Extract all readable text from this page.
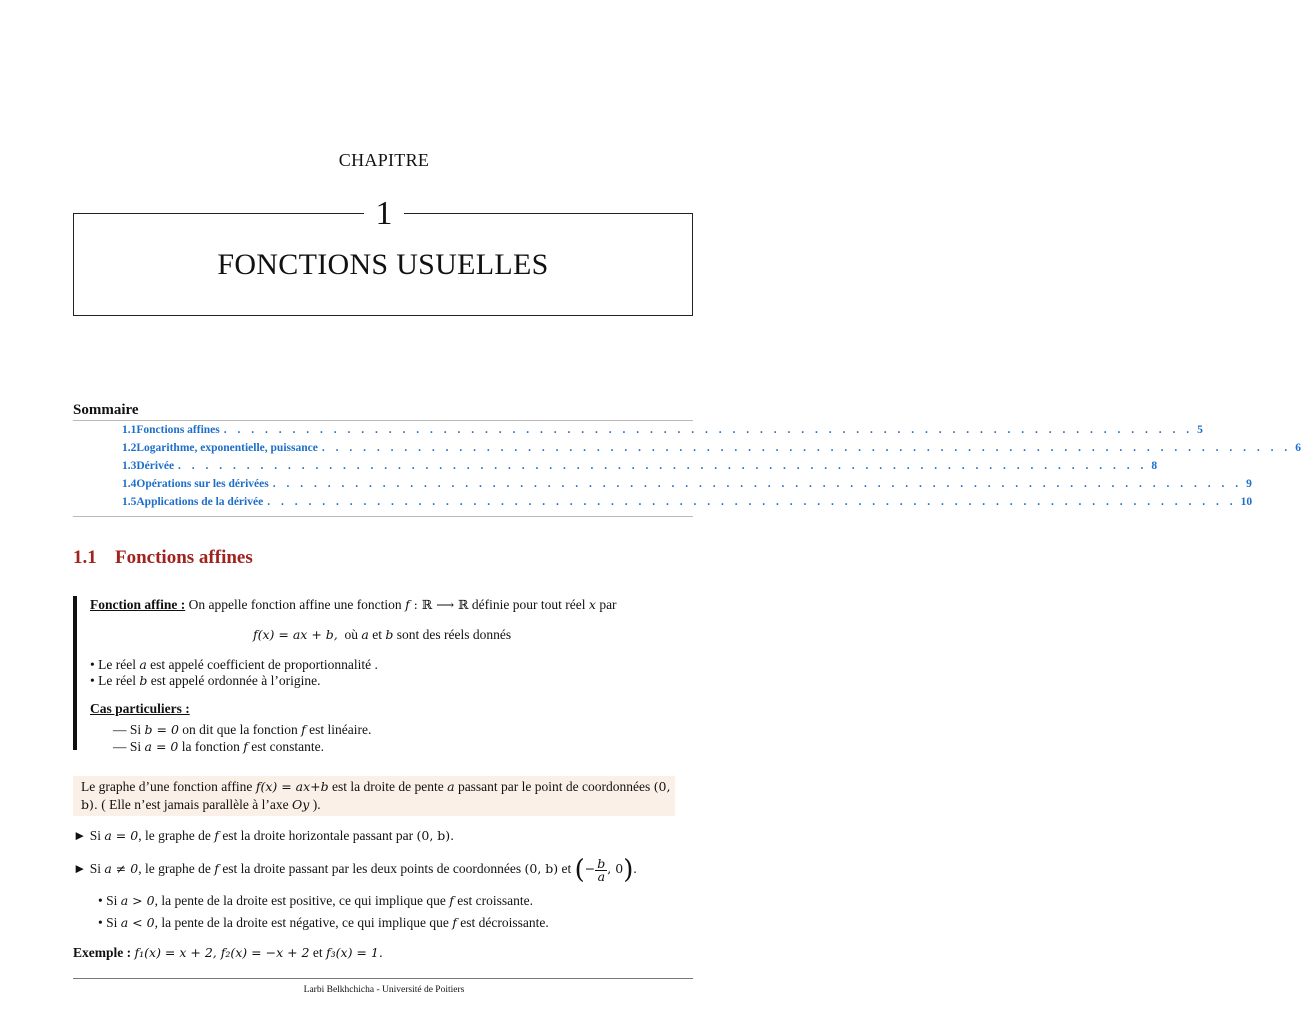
CHAPITRE
1
FONCTIONS USUELLES
Sommaire
1.1 Fonctions affines . . . . . . . . . . . . . . . . . . . . . . . . . . . . . . . . . . . . . . . . . . . . . . . . . . . . . . . . . . . . . . . . . . . . . . . 5
1.2 Logarithme, exponentielle, puissance . . . . . . . . . . . . . . . . . . . . . . . . . . . . . . . . . . . . . . . . . . . . . . . . . . . . . . . . . . . . . . . . . . . . . . . 6
1.3 Dérivée . . . . . . . . . . . . . . . . . . . . . . . . . . . . . . . . . . . . . . . . . . . . . . . . . . . . . . . . . . . . . . . . . . . . . . . 8
1.4 Opérations sur les dérivées . . . . . . . . . . . . . . . . . . . . . . . . . . . . . . . . . . . . . . . . . . . . . . . . . . . . . . . . . . . . . . . . . . . . . . . 9
1.5 Applications de la dérivée . . . . . . . . . . . . . . . . . . . . . . . . . . . . . . . . . . . . . . . . . . . . . . . . . . . . . . . . . . . . . . . . . . . . . . . 10
1.1 Fonctions affines
Fonction affine : On appelle fonction affine une fonction f : ℝ ⟶ ℝ définie pour tout réel x par
f(x) = ax + b, où a et b sont des réels donnés
• Le réel a est appelé coefficient de proportionnalité .
• Le réel b est appelé ordonnée à l’origine.
Cas particuliers :
— Si b = 0 on dit que la fonction f est linéaire.
— Si a = 0 la fonction f est constante.
Le graphe d’une fonction affine f(x) = ax+b est la droite de pente a passant par le point de coordonnées (0, b). ( Elle n’est jamais parallèle à l’axe Oy ).
► Si a = 0, le graphe de f est la droite horizontale passant par (0, b).
► Si a ≠ 0, le graphe de f est la droite passant par les deux points de coordonnées (0, b) et (− $\frac{b}{a}$ , 0).
• Si a > 0, la pente de la droite est positive, ce qui implique que f est croissante.
• Si a < 0, la pente de la droite est négative, ce qui implique que f est décroissante.
Exemple : f₁(x) = x + 2, f₂(x) = −x + 2 et f₃(x) = 1.
Larbi Belkhchicha - Université de Poitiers
